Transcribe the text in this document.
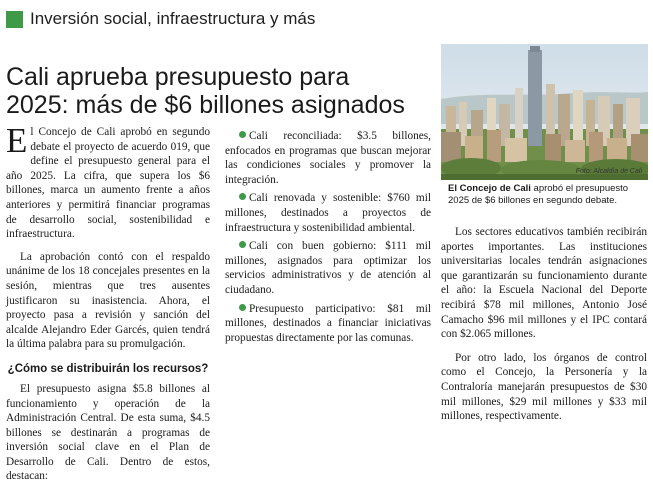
Inversión social, infraestructura y más
Cali aprueba presupuesto para
2025: más de $6 billones asignados
Foto: Alcaldía de Cali
El Concejo de Cali aprobó el presupuesto 2025 de $6 billones en segundo debate.

El Concejo de Cali aprobó en segundo debate el proyecto de acuerdo 019, que define el presupuesto general para el año 2025. La cifra, que supera los $6 billones, marca un aumento frente a años anteriores y permitirá financiar programas de desarrollo social, sostenibilidad e infraestructura.

La aprobación contó con el respaldo unánime de los 18 concejales presentes en la sesión, mientras que tres ausentes justificaron su inasistencia. Ahora, el proyecto pasa a revisión y sanción del alcalde Alejandro Eder Garcés, quien tendrá la última palabra para su promulgación.

¿Cómo se distribuirán los recursos?

El presupuesto asigna $5.8 billones al funcionamiento y operación de la Administración Central. De esta suma, $4.5 billones se destinarán a programas de inversión social clave en el Plan de Desarrollo de Cali. Dentro de estos, destacan:

Cali reconciliada: $3.5 billones, enfocados en programas que buscan mejorar las condiciones sociales y promover la integración.
Cali renovada y sostenible: $760 mil millones, destinados a proyectos de infraestructura y sostenibilidad ambiental.
Cali con buen gobierno: $111 mil millones, asignados para optimizar los servicios administrativos y de atención al ciudadano.
Presupuesto participativo: $81 mil millones, destinados a financiar iniciativas propuestas directamente por las comunas.

Los sectores educativos también recibirán aportes importantes. Las instituciones universitarias locales tendrán asignaciones que garantizarán su funcionamiento durante el año: la Escuela Nacional del Deporte recibirá $78 mil millones, Antonio José Camacho $96 mil millones y el IPC contará con $2.065 millones.

Por otro lado, los órganos de control como el Concejo, la Personería y la Contraloría manejarán presupuestos de $30 mil millones, $29 mil millones y $33 mil millones, respectivamente.
